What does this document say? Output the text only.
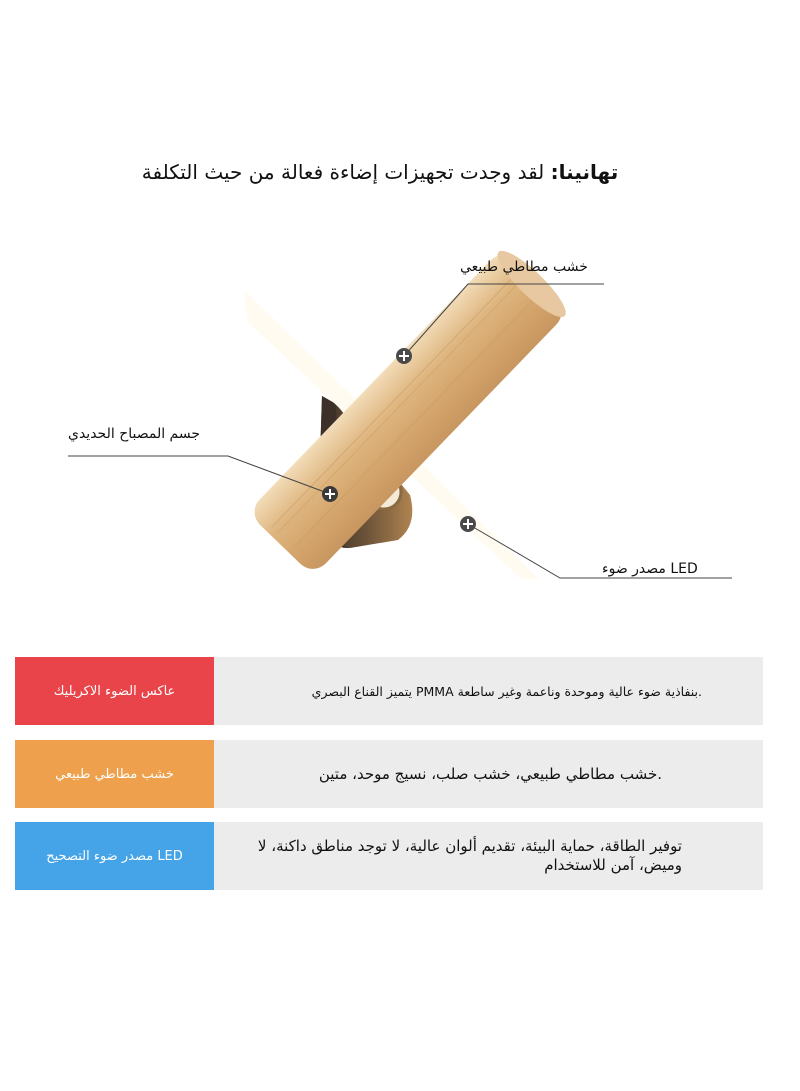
تهانينا: لقد وجدت تجهيزات إضاءة فعالة من حيث التكلفة
خشب مطاطي طبيعي
جسم المصباح الحديدي
LED مصدر ضوء
عاكس الضوء الاكريليك	.بنفاذية ضوء عالية وموحدة وناعمة وغير ساطعة PMMA يتميز القناع البصري
خشب مطاطي طبيعي	.خشب مطاطي طبيعي، خشب صلب، نسيج موحد، متين
LED مصدر ضوء التصحيح
توفير الطاقة، حماية البيئة، تقديم ألوان عالية، لا توجد مناطق داكنة، لا وميض، آمن للاستخدام
